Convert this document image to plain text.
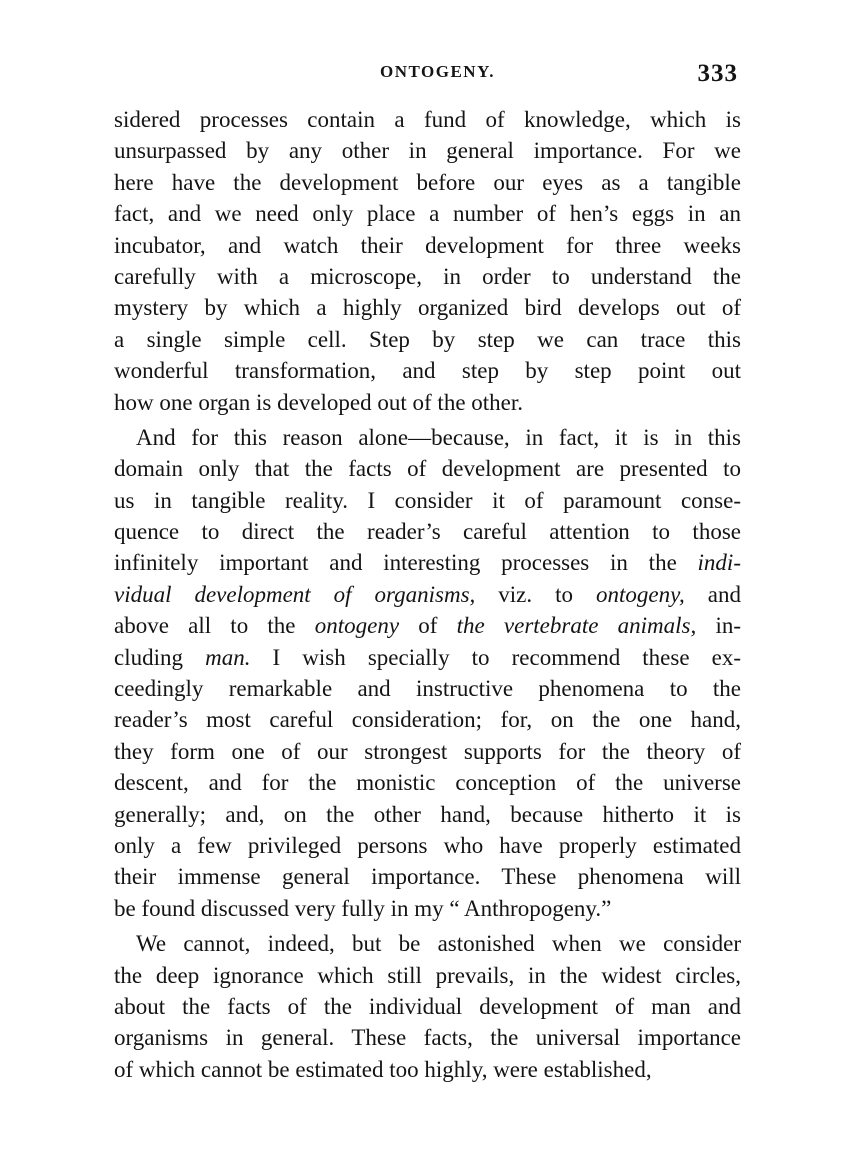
ONTOGENY.	333
sidered processes contain a fund of knowledge, which is
unsurpassed by any other in general importance. For we
here have the development before our eyes as a tangible
fact, and we need only place a number of hen’s eggs in an
incubator, and watch their development for three weeks
carefully with a microscope, in order to understand the
mystery by which a highly organized bird develops out of
a single simple cell. Step by step we can trace this
wonderful transformation, and step by step point out
how one organ is developed out of the other.
And for this reason alone—because, in fact, it is in this
domain only that the facts of development are presented to
us in tangible reality. I consider it of paramount conse-
quence to direct the reader’s careful attention to those
infinitely important and interesting processes in the indi-
vidual development of organisms, viz. to ontogeny, and
above all to the ontogeny of the vertebrate animals, in-
cluding man. I wish specially to recommend these ex-
ceedingly remarkable and instructive phenomena to the
reader’s most careful consideration; for, on the one hand,
they form one of our strongest supports for the theory of
descent, and for the monistic conception of the universe
generally; and, on the other hand, because hitherto it is
only a few privileged persons who have properly estimated
their immense general importance. These phenomena will
be found discussed very fully in my “ Anthropogeny.”
We cannot, indeed, but be astonished when we consider
the deep ignorance which still prevails, in the widest circles,
about the facts of the individual development of man and
organisms in general. These facts, the universal importance
of which cannot be estimated too highly, were established,
